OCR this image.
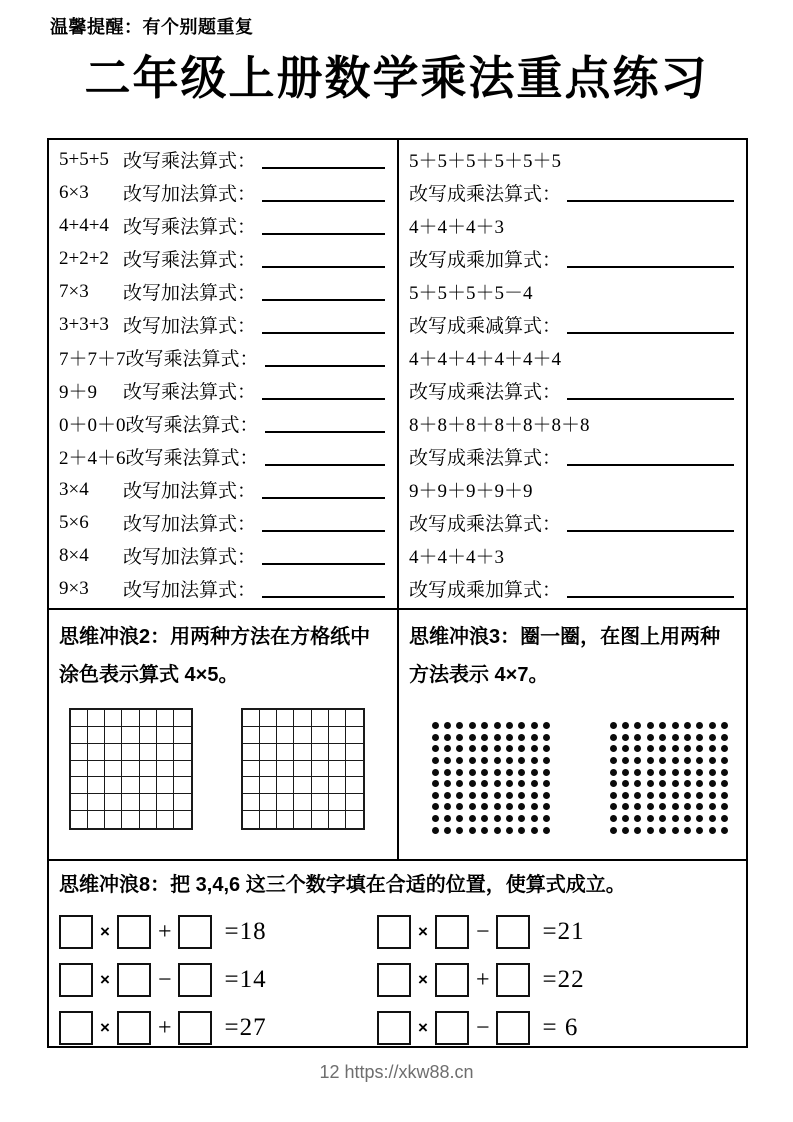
温馨提醒：有个别题重复
二年级上册数学乘法重点练习
5+5+5 改写乘法算式：
6×3	改写加法算式：
4+4+4 改写乘法算式：
2+2+2 改写乘法算式：
7×3	改写加法算式：
3+3+3 改写加法算式：
7＋7＋7 改写乘法算式：
9＋9	改写乘法算式：
0＋0＋0 改写乘法算式：
2＋4＋6 改写乘法算式：
3×4	改写加法算式：
5×6	改写加法算式：
8×4	改写加法算式：
9×3	改写加法算式：
5＋5＋5＋5＋5＋5
改写成乘法算式：
4＋4＋4＋3
改写成乘加算式：
5＋5＋5＋5－4
改写成乘减算式：
4＋4＋4＋4＋4＋4
改写成乘法算式：
8＋8＋8＋8＋8＋8＋8
改写成乘法算式：
9＋9＋9＋9＋9
改写成乘法算式：
4＋4＋4＋3
改写成乘加算式：
思维冲浪2：用两种方法在方格纸中涂色表示算式 4×5。
思维冲浪3：圈一圈，在图上用两种方法表示 4×7。
思维冲浪8：把 3,4,6 这三个数字填在合适的位置，使算式成立。
× + =18
× − =14
× + =27
× − =21
× + =22
× − = 6
12 https://xkw88.cn
